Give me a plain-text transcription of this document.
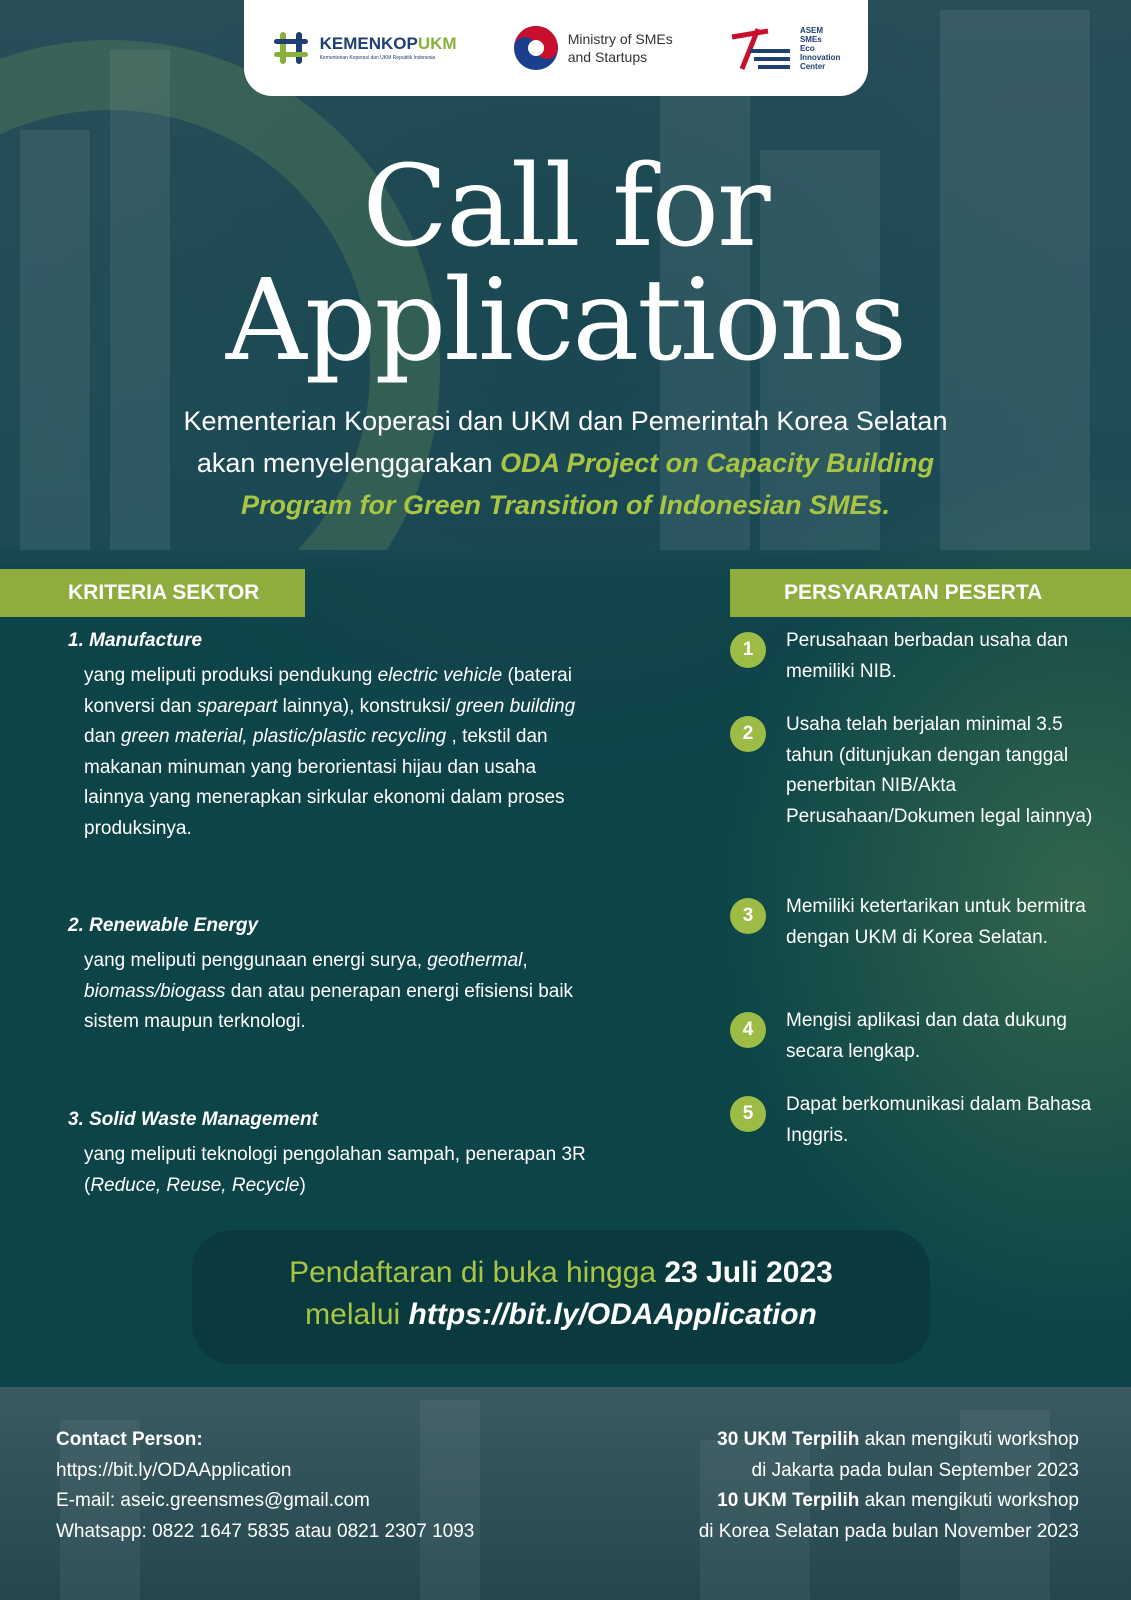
KEMENKOPUKM
Kementerian Koperasi dan UKM Republik Indonesia
Ministry of SMEs
and Startups
ASEM
SMEs
Eco
Innovation
Center
Call for
Applications
Kementerian Koperasi dan UKM dan Pemerintah Korea Selatan
akan menyelenggarakan ODA Project on Capacity Building
Program for Green Transition of Indonesian SMEs.
KRITERIA SEKTOR	PERSYARATAN PESERTA
1. Manufacture

yang meliputi produksi pendukung electric vehicle (baterai konversi dan sparepart lainnya), konstruksi/ green building dan green material, plastic/plastic recycling , tekstil dan makanan minuman yang berorientasi hijau dan usaha lainnya yang menerapkan sirkular ekonomi dalam proses produksinya.

2. Renewable Energy

yang meliputi penggunaan energi surya, geothermal, biomass/biogass dan atau penerapan energi efisiensi baik sistem maupun terknologi.

3. Solid Waste Management

yang meliputi teknologi pengolahan sampah, penerapan 3R (Reduce, Reuse, Recycle)

1	Perusahaan berbadan usaha dan memiliki NIB.
2	Usaha telah berjalan minimal 3.5 tahun (ditunjukan dengan tanggal penerbitan NIB/Akta Perusahaan/Dokumen legal lainnya)
3	Memiliki ketertarikan untuk bermitra dengan UKM di Korea Selatan.
4	Mengisi aplikasi dan data dukung secara lengkap.
5	Dapat berkomunikasi dalam Bahasa Inggris.
Pendaftaran di buka hingga 23 Juli 2023
melalui https://bit.ly/ODAApplication
Contact Person:
https://bit.ly/ODAApplication
E-mail: aseic.greensmes@gmail.com
Whatsapp: 0822 1647 5835 atau 0821 2307 1093
30 UKM Terpilih akan mengikuti workshop
di Jakarta pada bulan September 2023
10 UKM Terpilih akan mengikuti workshop
di Korea Selatan pada bulan November 2023
